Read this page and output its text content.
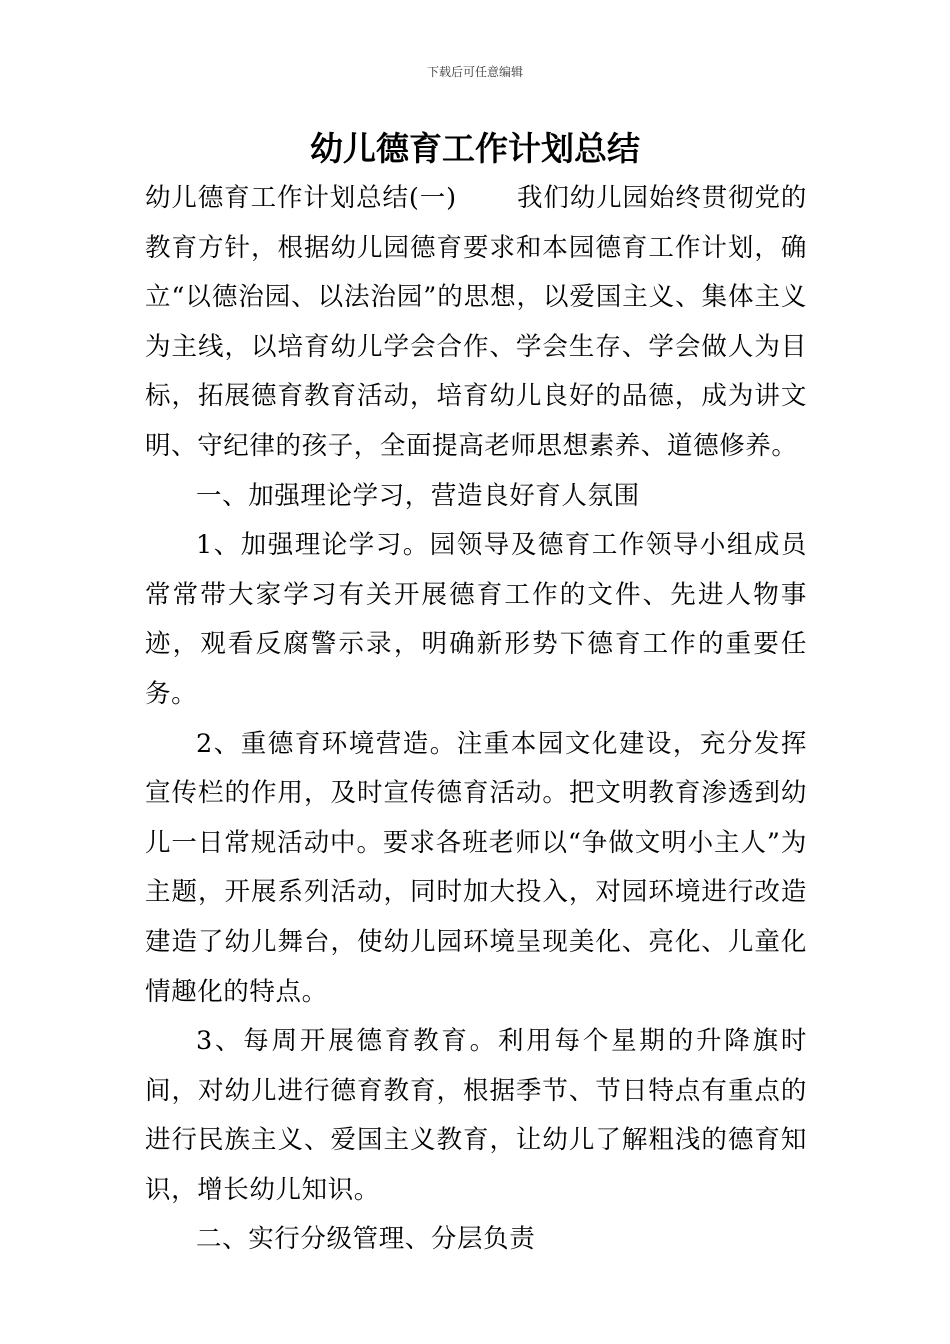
下载后可任意编辑
幼儿德育工作计划总结

幼儿德育工作计划总结(一) 我们幼儿园始终贯彻党的教育方针，根据幼儿园德育要求和本园德育工作计划，确立“以德治园、以法治园”的思想，以爱国主义、集体主义为主线，以培育幼儿学会合作、学会生存、学会做人为目标，拓展德育教育活动，培育幼儿良好的品德，成为讲文明、守纪律的孩子，全面提高老师思想素养、道德修养。

一、加强理论学习，营造良好育人氛围

1、加强理论学习。园领导及德育工作领导小组成员常常带大家学习有关开展德育工作的文件、先进人物事迹，观看反腐警示录，明确新形势下德育工作的重要任务。

2、重德育环境营造。注重本园文化建设，充分发挥宣传栏的作用，及时宣传德育活动。把文明教育渗透到幼儿一日常规活动中。要求各班老师以“争做文明小主人”为主题，开展系列活动，同时加大投入，对园环境进行改造建造了幼儿舞台，使幼儿园环境呈现美化、亮化、儿童化情趣化的特点。

3、每周开展德育教育。利用每个星期的升降旗时间，对幼儿进行德育教育，根据季节、节日特点有重点的进行民族主义、爱国主义教育，让幼儿了解粗浅的德育知识，增长幼儿知识。

二、实行分级管理、分层负责
